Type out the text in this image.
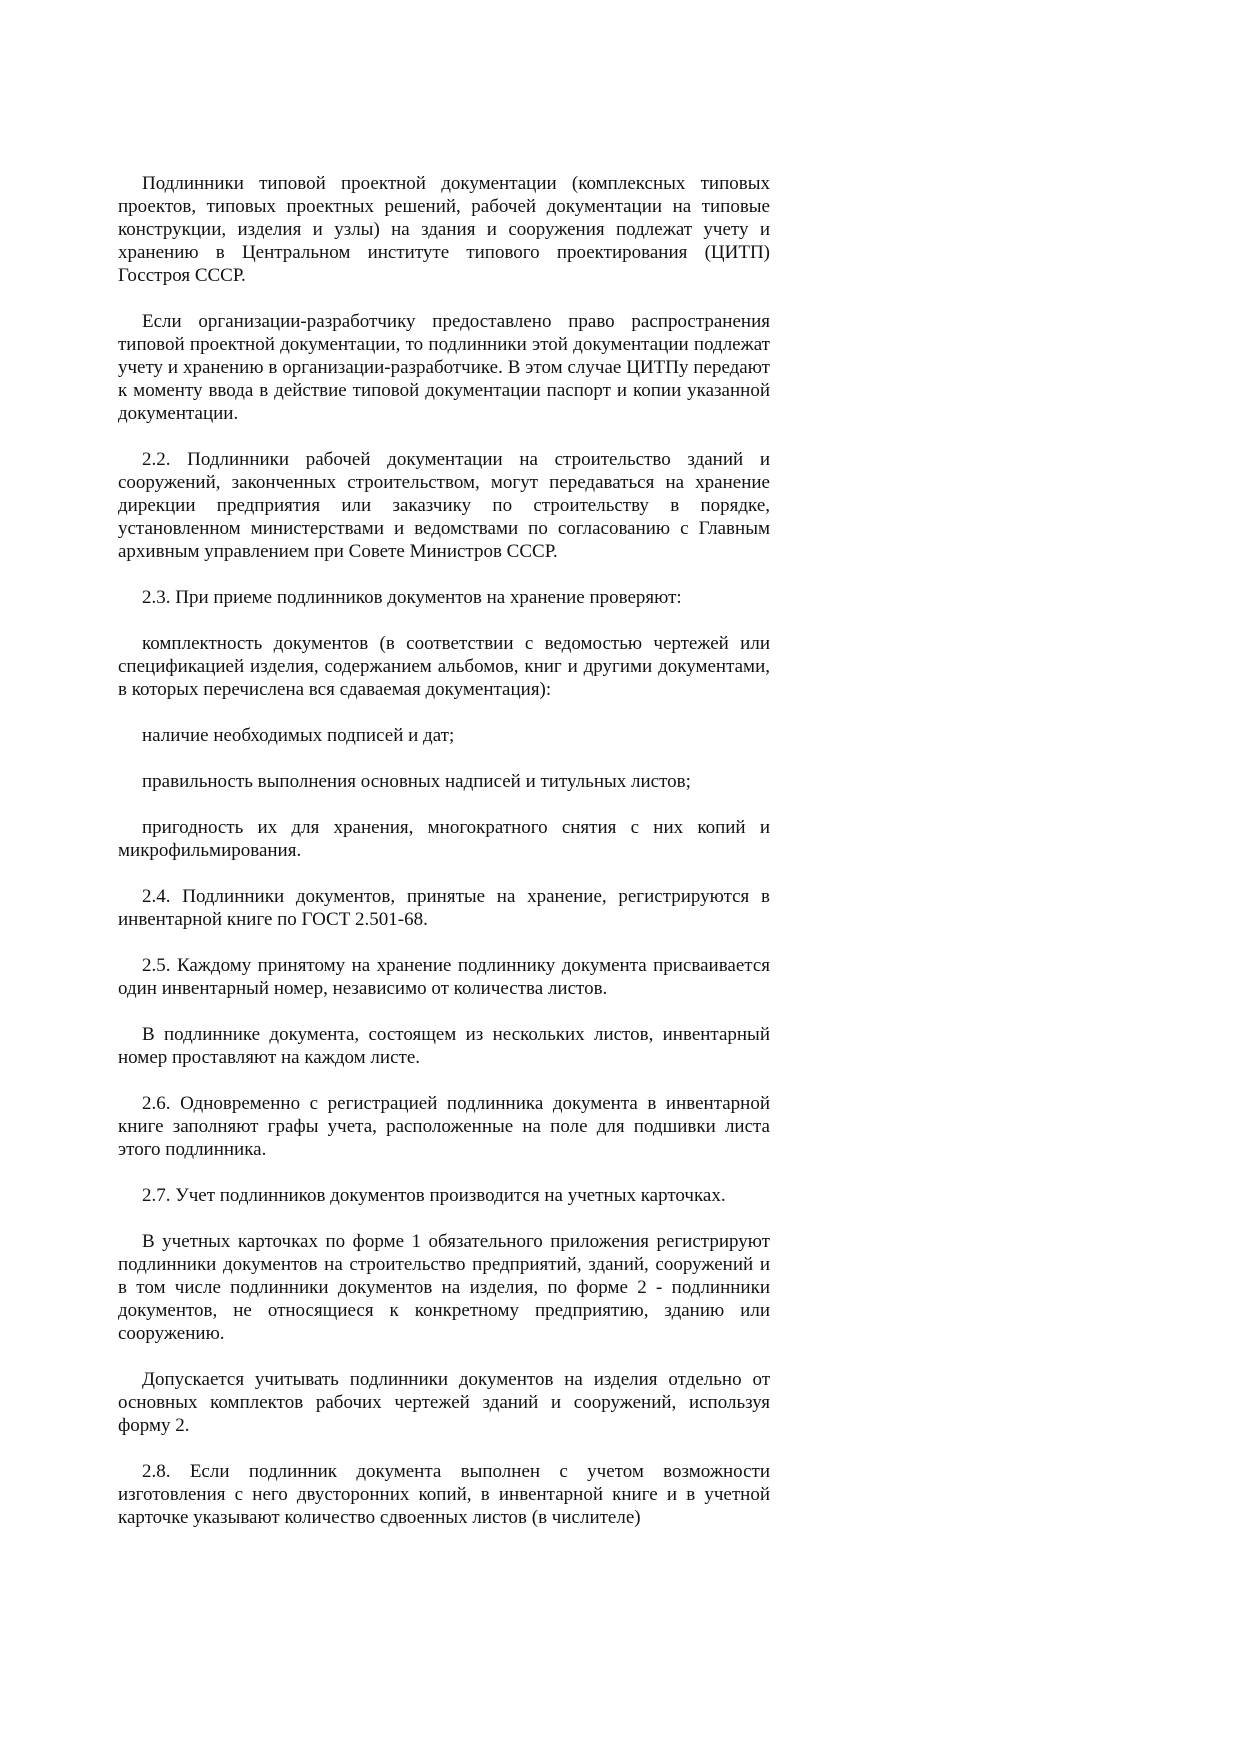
Подлинники типовой проектной документации (комплексных типовых проектов, типовых проектных решений, рабочей документации на типовые конструкции, изделия и узлы) на здания и сооружения подлежат учету и хранению в Центральном институте типового проектирования (ЦИТП) Госстроя СССР.

Если организации-разработчику предоставлено право распространения типовой проектной документации, то подлинники этой документации подлежат учету и хранению в организации-разработчике. В этом случае ЦИТПу передают к моменту ввода в действие типовой документации паспорт и копии указанной документации.

2.2. Подлинники рабочей документации на строительство зданий и сооружений, законченных строительством, могут передаваться на хранение дирекции предприятия или заказчику по строительству в порядке, установленном министерствами и ведомствами по согласованию с Главным архивным управлением при Совете Министров СССР.

2.3. При приеме подлинников документов на хранение проверяют:

комплектность документов (в соответствии с ведомостью чертежей или спецификацией изделия, содержанием альбомов, книг и другими документами, в которых перечислена вся сдаваемая документация):

наличие необходимых подписей и дат;

правильность выполнения основных надписей и титульных листов;

пригодность их для хранения, многократного снятия с них копий и микрофильмирования.

2.4. Подлинники документов, принятые на хранение, регистрируются в инвентарной книге по ГОСТ 2.501-68.

2.5. Каждому принятому на хранение подлиннику документа присваивается один инвентарный номер, независимо от количества листов.

В подлиннике документа, состоящем из нескольких листов, инвентарный номер проставляют на каждом листе.

2.6. Одновременно с регистрацией подлинника документа в инвентарной книге заполняют графы учета, расположенные на поле для подшивки листа этого подлинника.

2.7. Учет подлинников документов производится на учетных карточках.

В учетных карточках по форме 1 обязательного приложения регистрируют подлинники документов на строительство предприятий, зданий, сооружений и в том числе подлинники документов на изделия, по форме 2 - подлинники документов, не относящиеся к конкретному предприятию, зданию или сооружению.

Допускается учитывать подлинники документов на изделия отдельно от основных комплектов рабочих чертежей зданий и сооружений, используя форму 2.

2.8. Если подлинник документа выполнен с учетом возможности изготовления с него двусторонних копий, в инвентарной книге и в учетной карточке указывают количество сдвоенных листов (в числителе)
